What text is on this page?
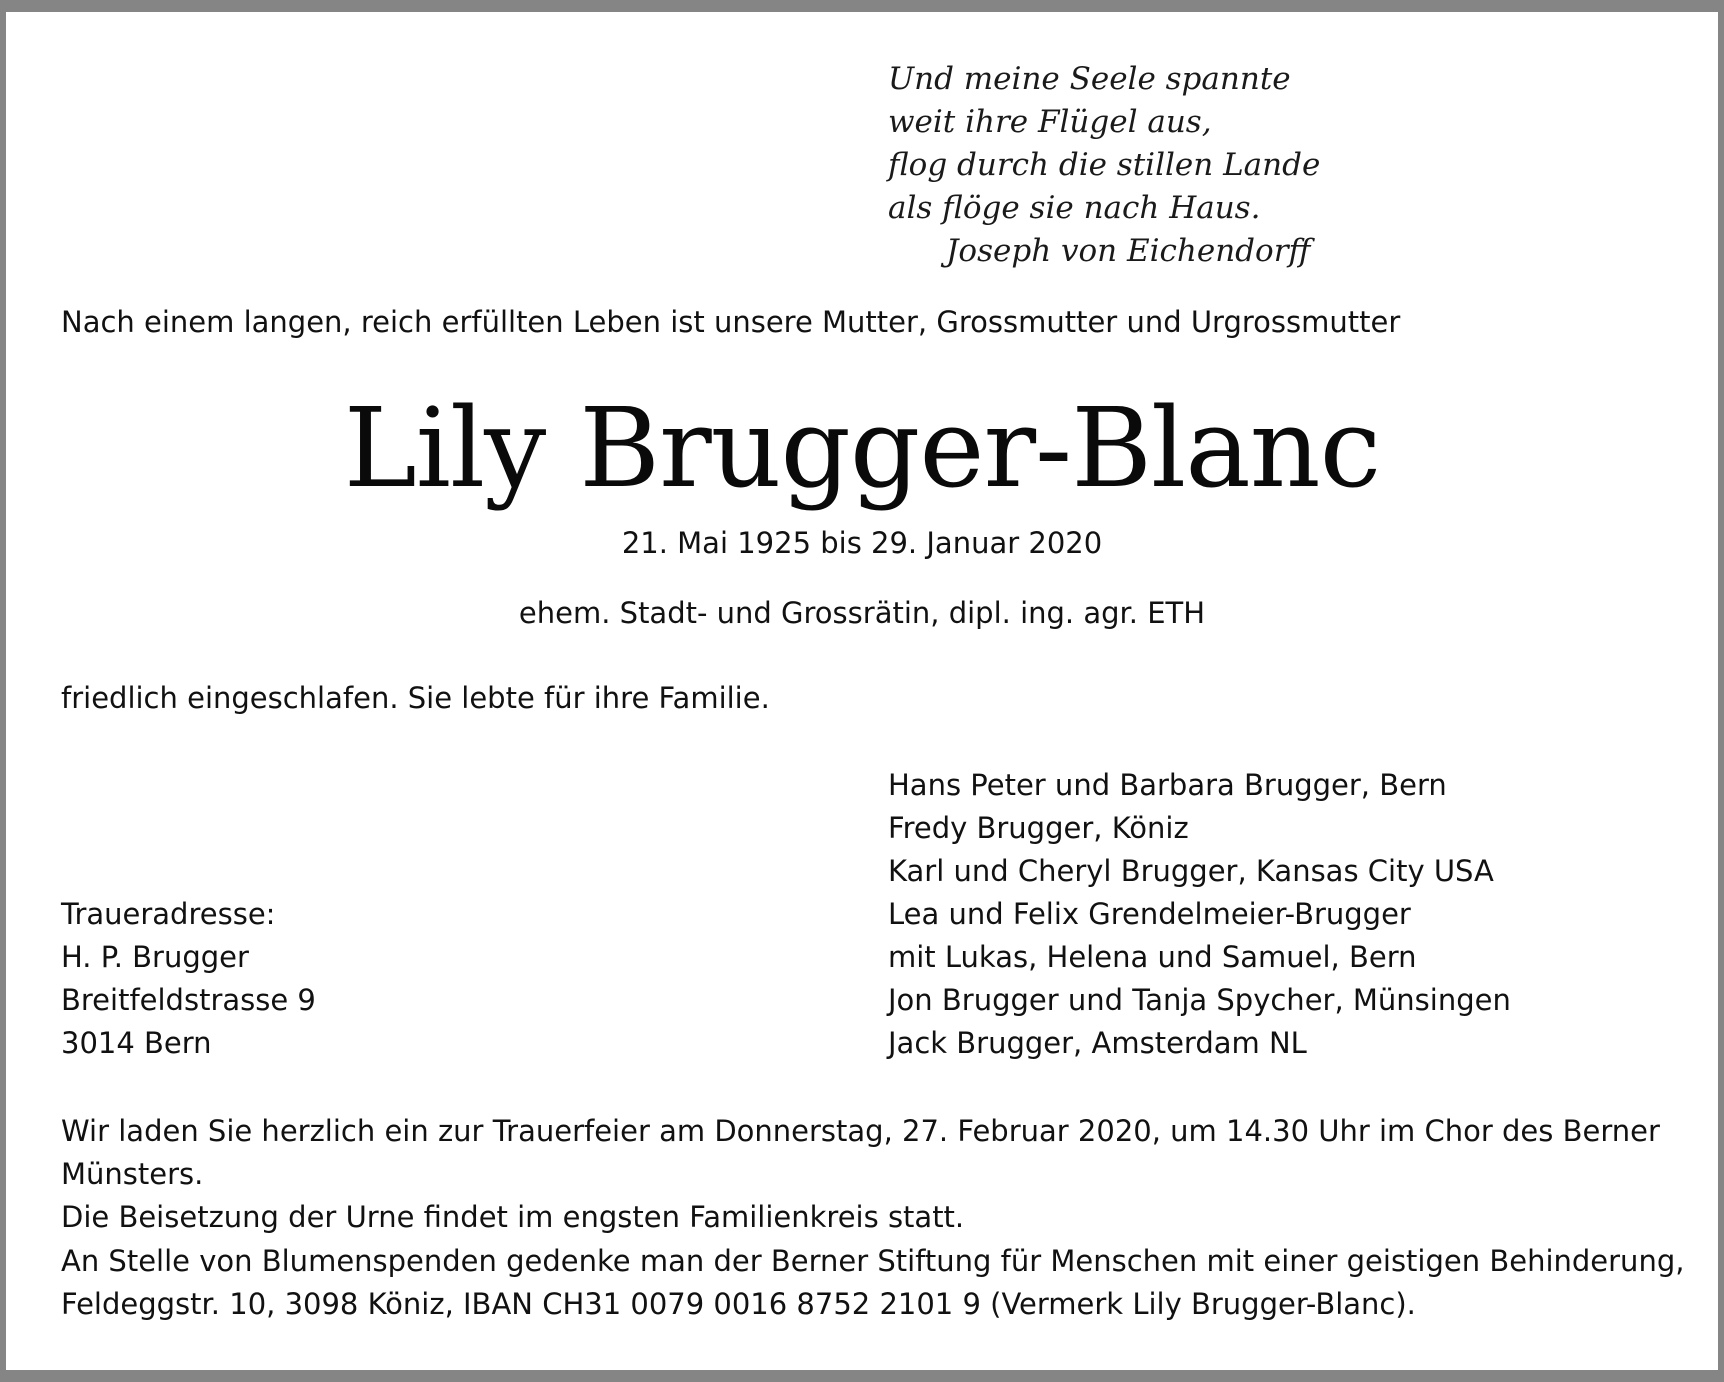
Und meine Seele spannte
weit ihre Flügel aus,
flog durch die stillen Lande
als flöge sie nach Haus.
Joseph von Eichendorff
Nach einem langen, reich erfüllten Leben ist unsere Mutter, Grossmutter und Urgrossmutter
Lily Brugger-Blanc
21. Mai 1925 bis 29. Januar 2020
ehem. Stadt- und Grossrätin, dipl. ing. agr. ETH
friedlich eingeschlafen. Sie lebte für ihre Familie.
Hans Peter und Barbara Brugger, Bern
Fredy Brugger, Köniz
Karl und Cheryl Brugger, Kansas City USA
Lea und Felix Grendelmeier-Brugger
mit Lukas, Helena und Samuel, Bern
Jon Brugger und Tanja Spycher, Münsingen
Jack Brugger, Amsterdam NL
Traueradresse:
H. P. Brugger
Breitfeldstrasse 9
3014 Bern
Wir laden Sie herzlich ein zur Trauerfeier am Donnerstag, 27. Februar 2020, um 14.30 Uhr im Chor des Berner
Münsters.
Die Beisetzung der Urne findet im engsten Familienkreis statt.
An Stelle von Blumenspenden gedenke man der Berner Stiftung für Menschen mit einer geistigen Behinderung,
Feldeggstr. 10, 3098 Köniz, IBAN CH31 0079 0016 8752 2101 9 (Vermerk Lily Brugger-Blanc).
